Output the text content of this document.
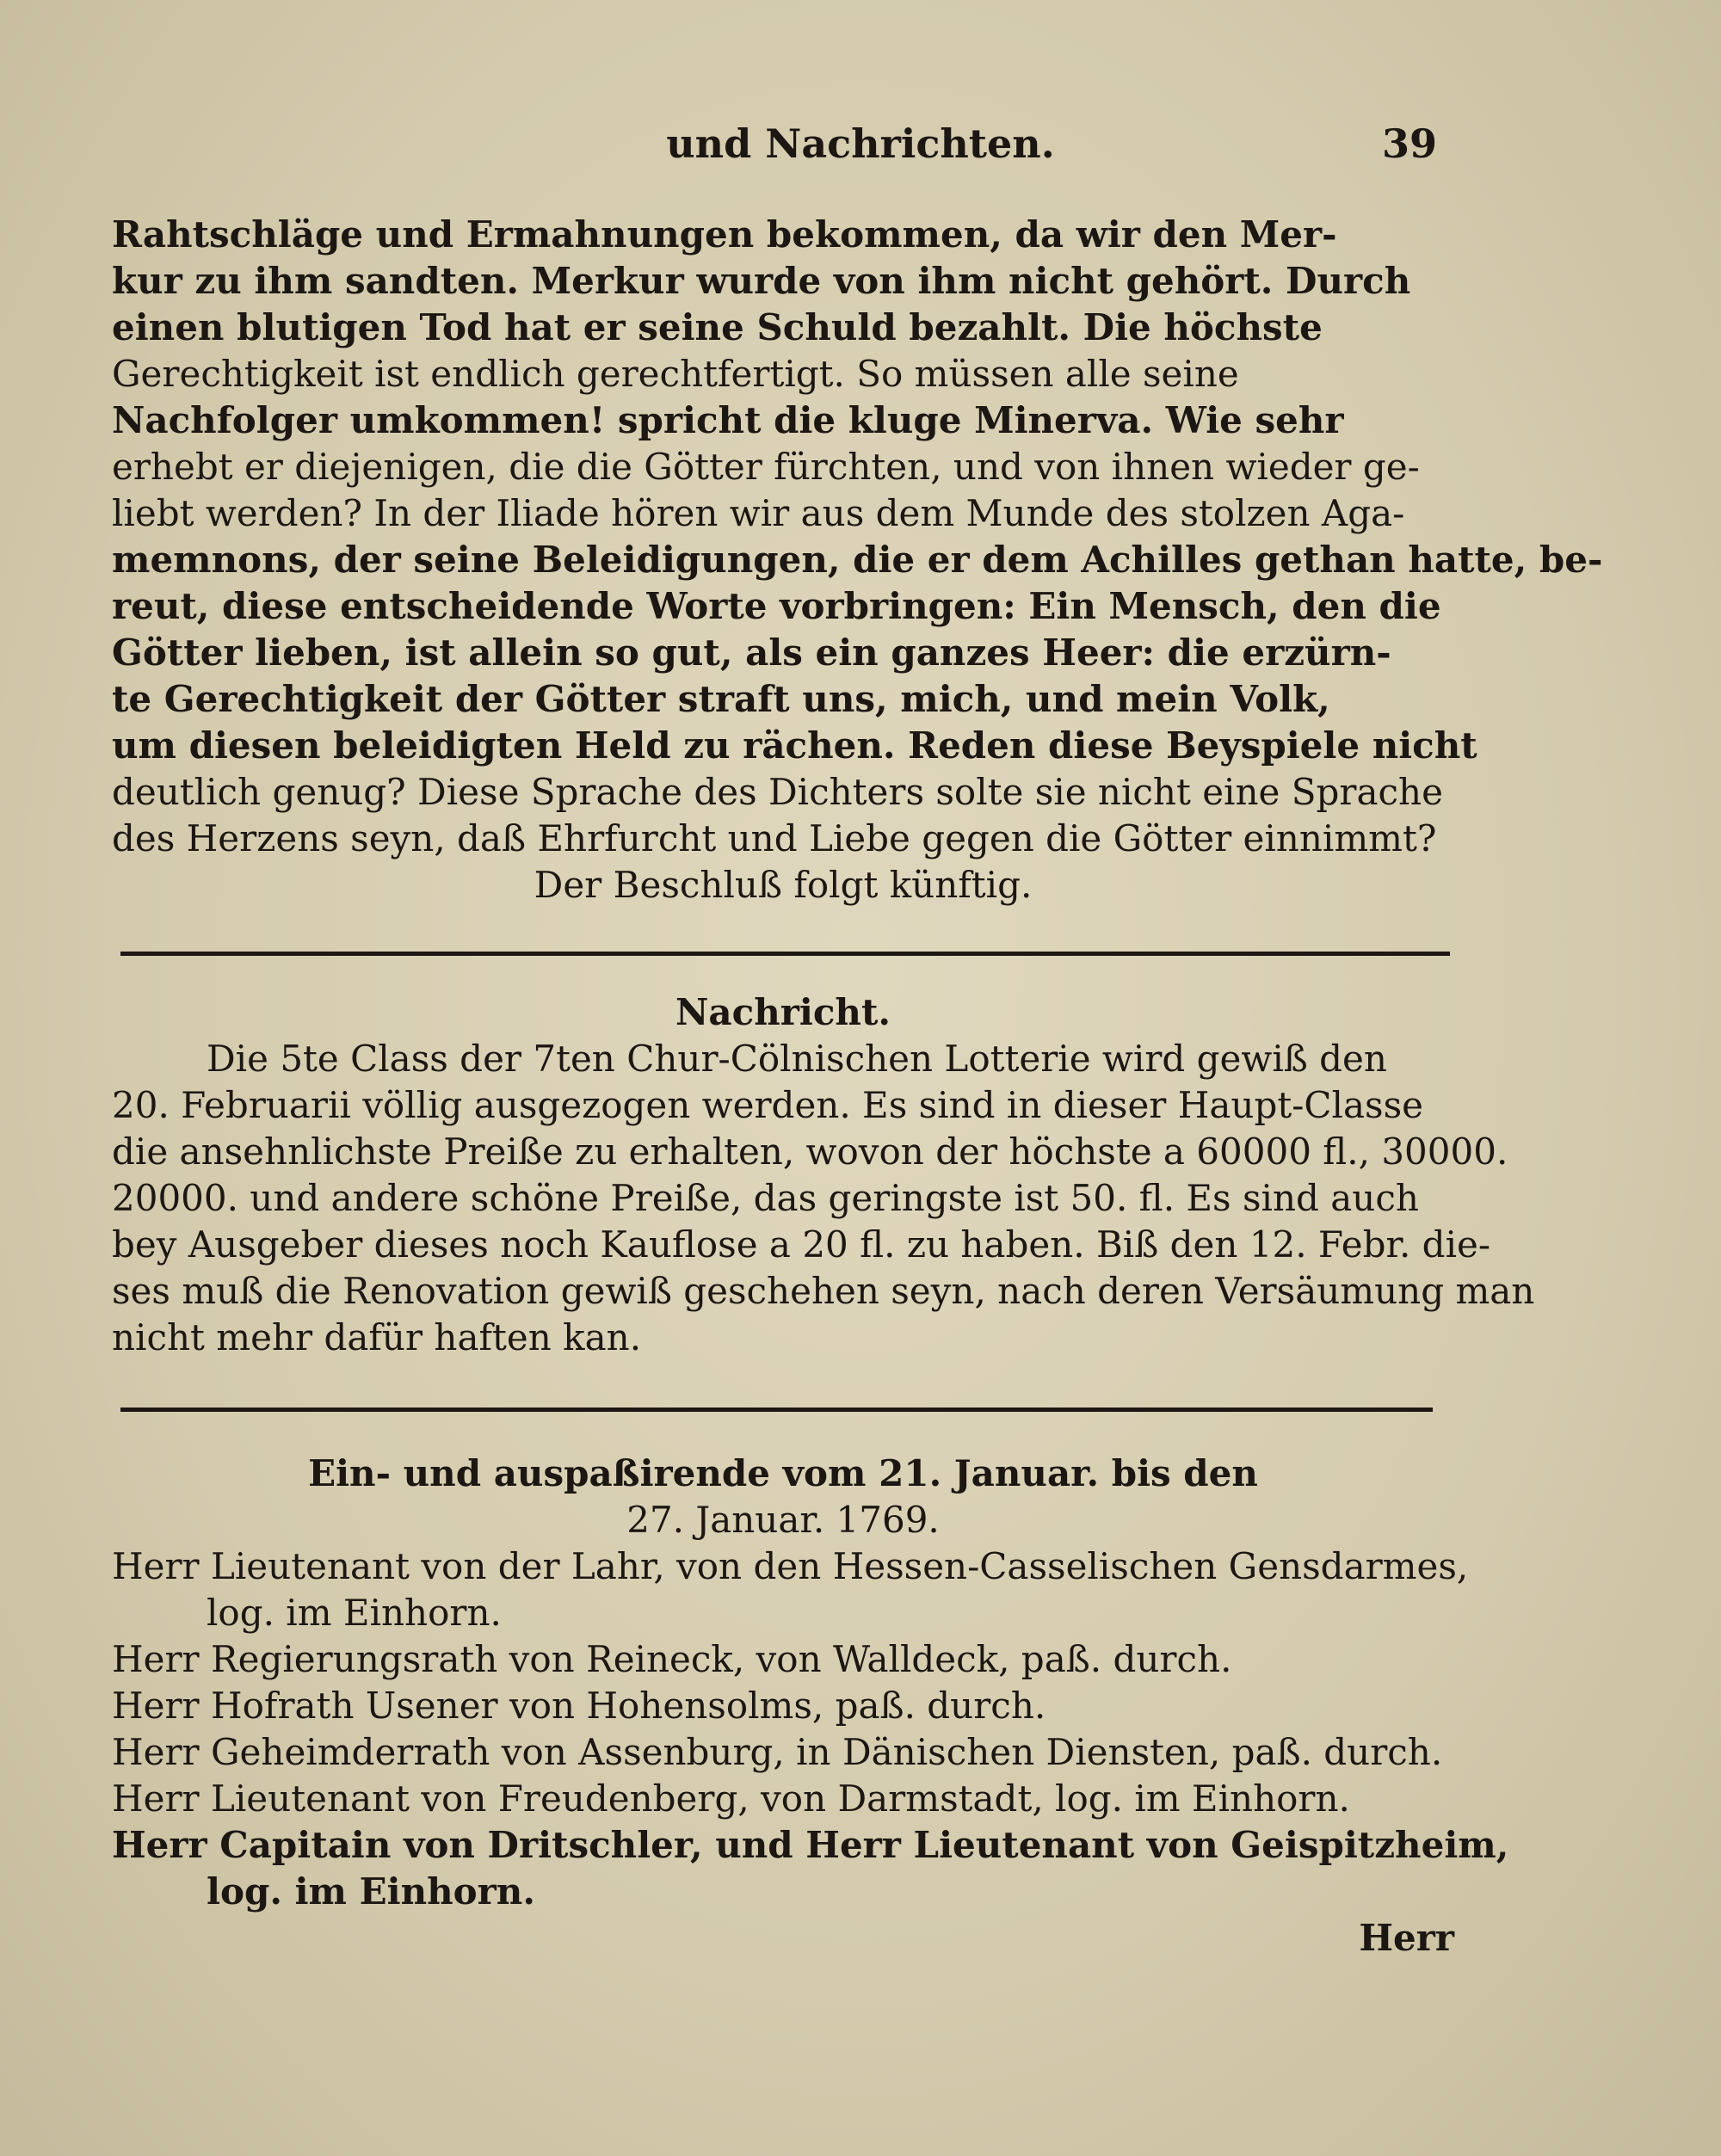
und Nachrichten.	39
Rahtschläge und Ermahnungen bekommen, da wir den Mer-
kur zu ihm sandten. Merkur wurde von ihm nicht gehört. Durch
einen blutigen Tod hat er seine Schuld bezahlt. Die höchste
Gerechtigkeit ist endlich gerechtfertigt. So müssen alle seine
Nachfolger umkommen! spricht die kluge Minerva. Wie sehr
erhebt er diejenigen, die die Götter fürchten, und von ihnen wieder ge-
liebt werden? In der Iliade hören wir aus dem Munde des stolzen Aga-
memnons, der seine Beleidigungen, die er dem Achilles gethan hatte, be-
reut, diese entscheidende Worte vorbringen: Ein Mensch, den die
Götter lieben, ist allein so gut, als ein ganzes Heer: die erzürn-
te Gerechtigkeit der Götter straft uns, mich, und mein Volk,
um diesen beleidigten Held zu rächen. Reden diese Beyspiele nicht
deutlich genug? Diese Sprache des Dichters solte sie nicht eine Sprache
des Herzens seyn, daß Ehrfurcht und Liebe gegen die Götter einnimmt?
Der Beschluß folgt künftig.
Nachricht.
Die 5te Class der 7ten Chur-Cölnischen Lotterie wird gewiß den
20. Februarii völlig ausgezogen werden. Es sind in dieser Haupt-Classe
die ansehnlichste Preiße zu erhalten, wovon der höchste a 60000 fl., 30000.
20000. und andere schöne Preiße, das geringste ist 50. fl. Es sind auch
bey Ausgeber dieses noch Kauflose a 20 fl. zu haben. Biß den 12. Febr. die-
ses muß die Renovation gewiß geschehen seyn, nach deren Versäumung man
nicht mehr dafür haften kan.
Ein- und auspaßirende vom 21. Januar. bis den
27. Januar. 1769.
Herr Lieutenant von der Lahr, von den Hessen-Casselischen Gensdarmes,
log. im Einhorn.
Herr Regierungsrath von Reineck, von Walldeck, paß. durch.
Herr Hofrath Usener von Hohensolms, paß. durch.
Herr Geheimderrath von Assenburg, in Dänischen Diensten, paß. durch.
Herr Lieutenant von Freudenberg, von Darmstadt, log. im Einhorn.
Herr Capitain von Dritschler, und Herr Lieutenant von Geispitzheim,
log. im Einhorn.
Herr
